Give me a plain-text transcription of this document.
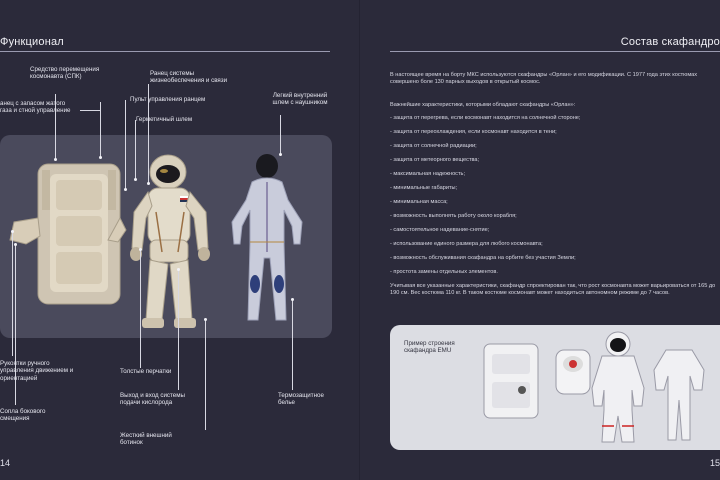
Функционал	Состав скафандро
Средство перемещения космонавта (СПК)
анец с запасом жатого газа и стной управление
Ранец системы жизнеобеспечения и связи
Пульт управления ранцем
Герметичный шлем
Легкий внутренний шлем с наушником
Рукоятки ручного управления движением и ориентацией
Сопла бокового смещения
Толстые перчатки
Выход и вход системы подачи кислорода
Жесткий внешний ботинок
Термозащитное белье
14
В настоящее время на борту МКС используются скафандры «Орлан» и его модификации. С 1977 года этих костюмах совершено боле 130 парных выходов в открытый космос.
Важнейшие характеристики, которыми обладают скафандры «Орлан»:
- защита от перегрева, если космонавт находится на солнечной стороне;
- защита от переохлаждения, если космонавт находится в тени;
- защита от солнечной радиации;
- защита от метеорного вещества;
- максимальная надежность;
- минимальные габариты;
- минимальная масса;
- возможность выполнять работу около корабля;
- самостоятельное надевание-снятие;
- использование единого размера для любого космонавта;
- возможность обслуживания скафандра на орбите без участия Земли;
- простота замены отдельных элементов.
Учитывая все указанные характеристики, скафандр спроектирован так, что рост космонавта может варьироваться от 165 до 190 см. Вес костюма 110 кг. В таком костюме космонавт может находиться автономном режиме до 7 часов.
Пример строения скафандра EMU
15
